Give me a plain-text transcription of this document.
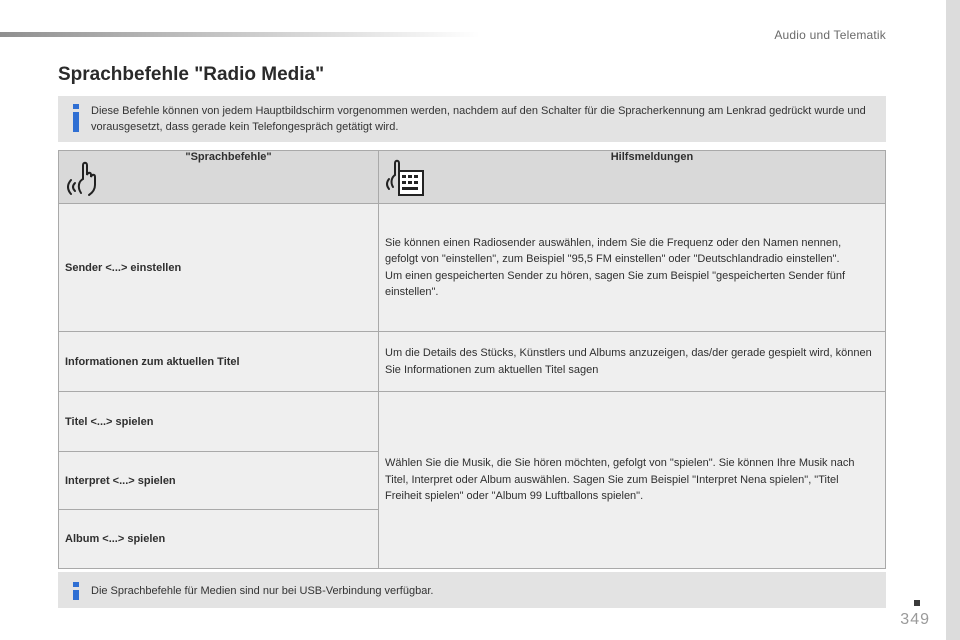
Audio und Telematik
Sprachbefehle "Radio Media"
Diese Befehle können von jedem Hauptbildschirm vorgenommen werden, nachdem auf den Schalter für die Spracherkennung am Lenkrad gedrückt wurde und vorausgesetzt, dass gerade kein Telefongespräch getätigt wird.
"Sprachbefehle"	Hilfsmeldungen

Sender <...> einstellen	Sie können einen Radiosender auswählen, indem Sie die Frequenz oder den Namen nennen, gefolgt von "einstellen", zum Beispiel "95,5 FM einstellen" oder "Deutschlandradio einstellen".
Um einen gespeicherten Sender zu hören, sagen Sie zum Beispiel "gespeicherten Sender fünf einstellen".

Informationen zum aktuellen Titel	Um die Details des Stücks, Künstlers und Albums anzuzeigen, das/der gerade gespielt wird, können Sie Informationen zum aktuellen Titel sagen

Titel <...> spielen	Wählen Sie die Musik, die Sie hören möchten, gefolgt von "spielen". Sie können Ihre Musik nach Titel, Interpret oder Album auswählen. Sagen Sie zum Beispiel "Interpret Nena spielen", "Titel Freiheit spielen" oder "Album 99 Luftballons spielen".

Interpret <...> spielen	
Album <...> spielen	
Die Sprachbefehle für Medien sind nur bei USB-Verbindung verfügbar.
349
